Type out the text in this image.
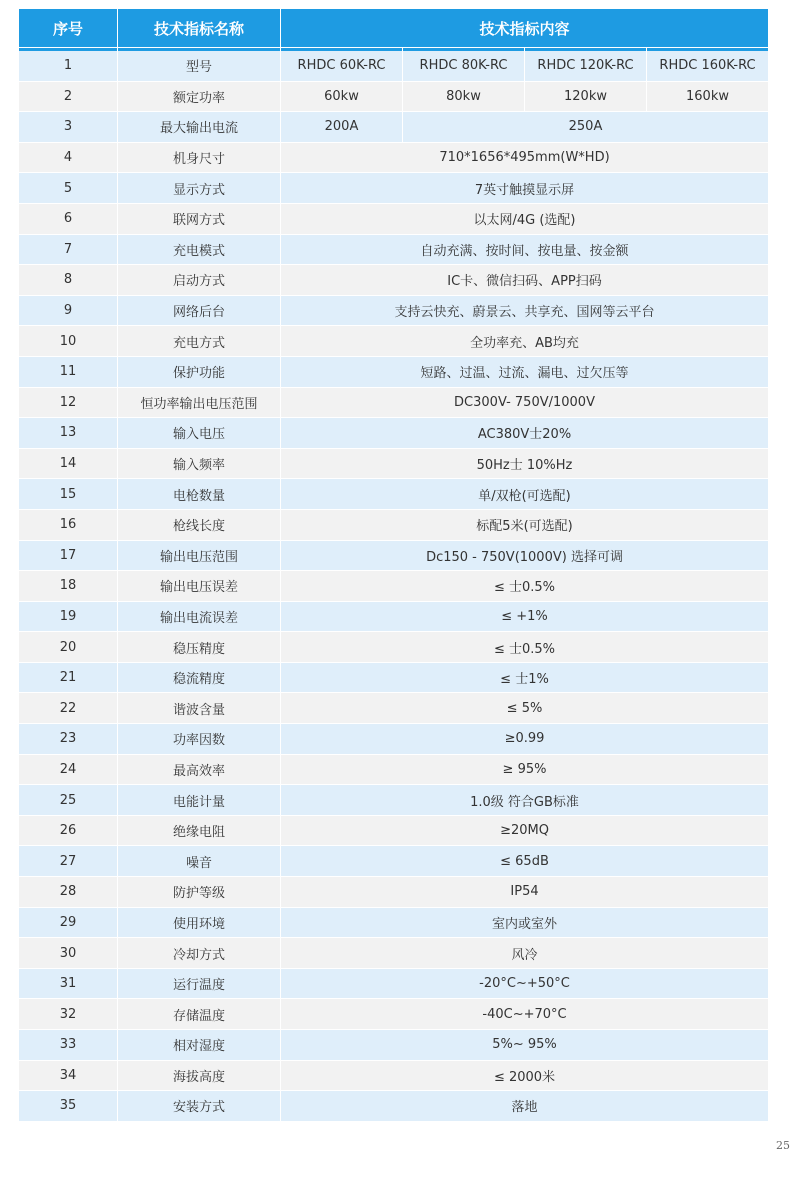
序号	技术指标名称	技术指标内容			
1	型号	RHDC 60K-RC	RHDC 80K-RC	RHDC 120K-RC	RHDC 160K-RC
2	额定功率	60kw	80kw	120kw	160kw
3	最大输出电流	200A	250A		
4	机身尺寸	710*1656*495mm(W*HD)			
5	显示方式	7英寸触摸显示屏			
6	联网方式	以太网/4G (选配)			
7	充电模式	自动充满、按时间、按电量、按金额			
8	启动方式	IC卡、微信扫码、APP扫码			
9	网络后台	支持云快充、蔚景云、共享充、国网等云平台			
10	充电方式	全功率充、AB均充			
11	保护功能	短路、过温、过流、漏电、过欠压等			
12	恒功率输出电压范围	DC300V- 750V/1000V			
13	输入电压	AC380V士20%			
14	输入频率	50Hz士 10%Hz			
15	电枪数量	单/双枪(可选配)			
16	枪线长度	标配5米(可选配)			
17	输出电压范围	Dc150 - 750V(1000V) 选择可调			
18	输出电压误差	≤ 士0.5%			
19	输出电流误差	≤ +1%			
20	稳压精度	≤ 士0.5%			
21	稳流精度	≤ 士1%			
22	谐波含量	≤ 5%			
23	功率因数	≥0.99			
24	最高效率	≥ 95%			
25	电能计量	1.0级 符合GB标准			
26	绝缘电阻	≥20MQ			
27	噪音	≤ 65dB			
28	防护等级	IP54			
29	使用环境	室内或室外			
30	冷却方式	风冷			
31	运行温度	-20°C~+50°C			
32	存储温度	-40C~+70°C			
33	相对湿度	5%~ 95%			
34	海拔高度	≤ 2000米			
35	安装方式	落地			
25
